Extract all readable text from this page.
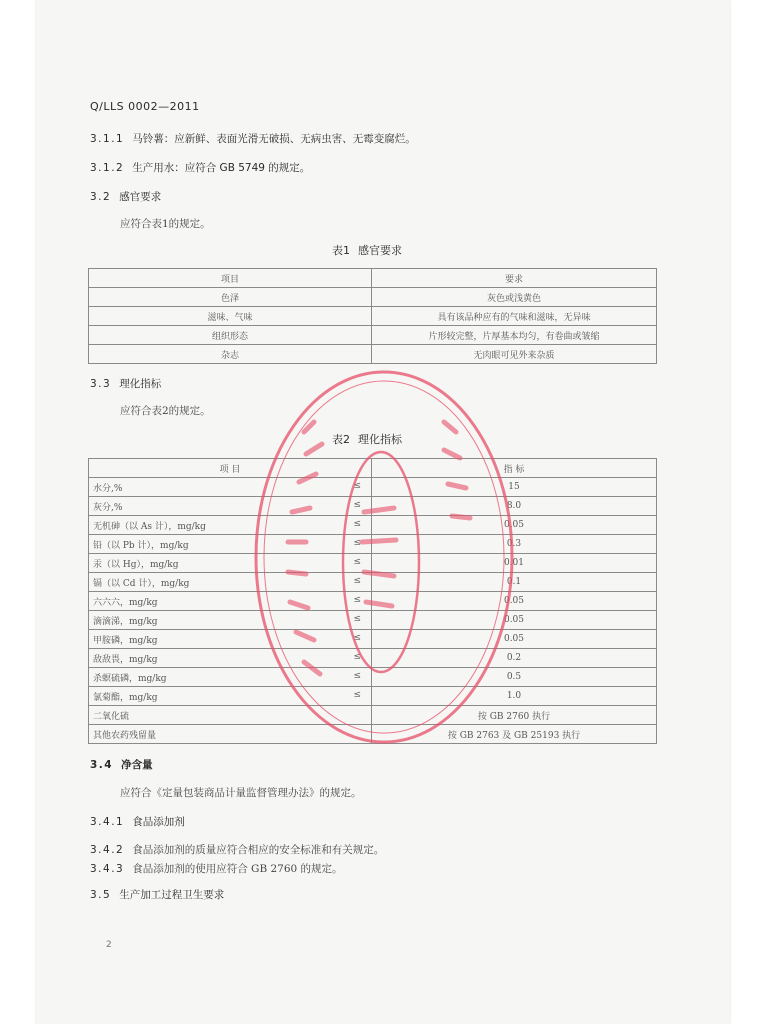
Q/LLS 0002—2011
3.1.1 马铃薯：应新鲜、表面光滑无破损、无病虫害、无霉变腐烂。
3.1.2 生产用水：应符合 GB 5749 的规定。
3.2 感官要求
应符合表1的规定。
表1 感官要求
项目	要求
色泽	灰色或浅黄色
滋味、气味	具有该品种应有的气味和滋味，无异味
组织形态	片形较完整，片厚基本均匀，有卷曲或皱缩
杂志	无肉眼可见外来杂质
3.3 理化指标
应符合表2的规定。
表2 理化指标
项 目	指 标
水分,% ≤	15
灰分,% ≤	8.0
无机砷（以 As 计），mg/kg ≤	0.05
铅（以 Pb 计），mg/kg ≤	0.3
汞（以 Hg），mg/kg ≤	0.01
镉（以 Cd 计），mg/kg ≤	0.1
六六六，mg/kg ≤	0.05
滴滴涕，mg/kg ≤	0.05
甲胺磷，mg/kg ≤	0.05
敌敌畏，mg/kg ≤	0.2
杀螟硫磷，mg/kg ≤	0.5
氯菊酯，mg/kg ≤	1.0
二氧化硫	按 GB 2760 执行
其他农药残留量	按 GB 2763 及 GB 25193 执行
3.4 净含量
应符合《定量包装商品计量监督管理办法》的规定。
3.4.1 食品添加剂
3.4.2 食品添加剂的质量应符合相应的安全标准和有关规定。
3.4.3 食品添加剂的使用应符合 GB 2760 的规定。
3.5 生产加工过程卫生要求
2
